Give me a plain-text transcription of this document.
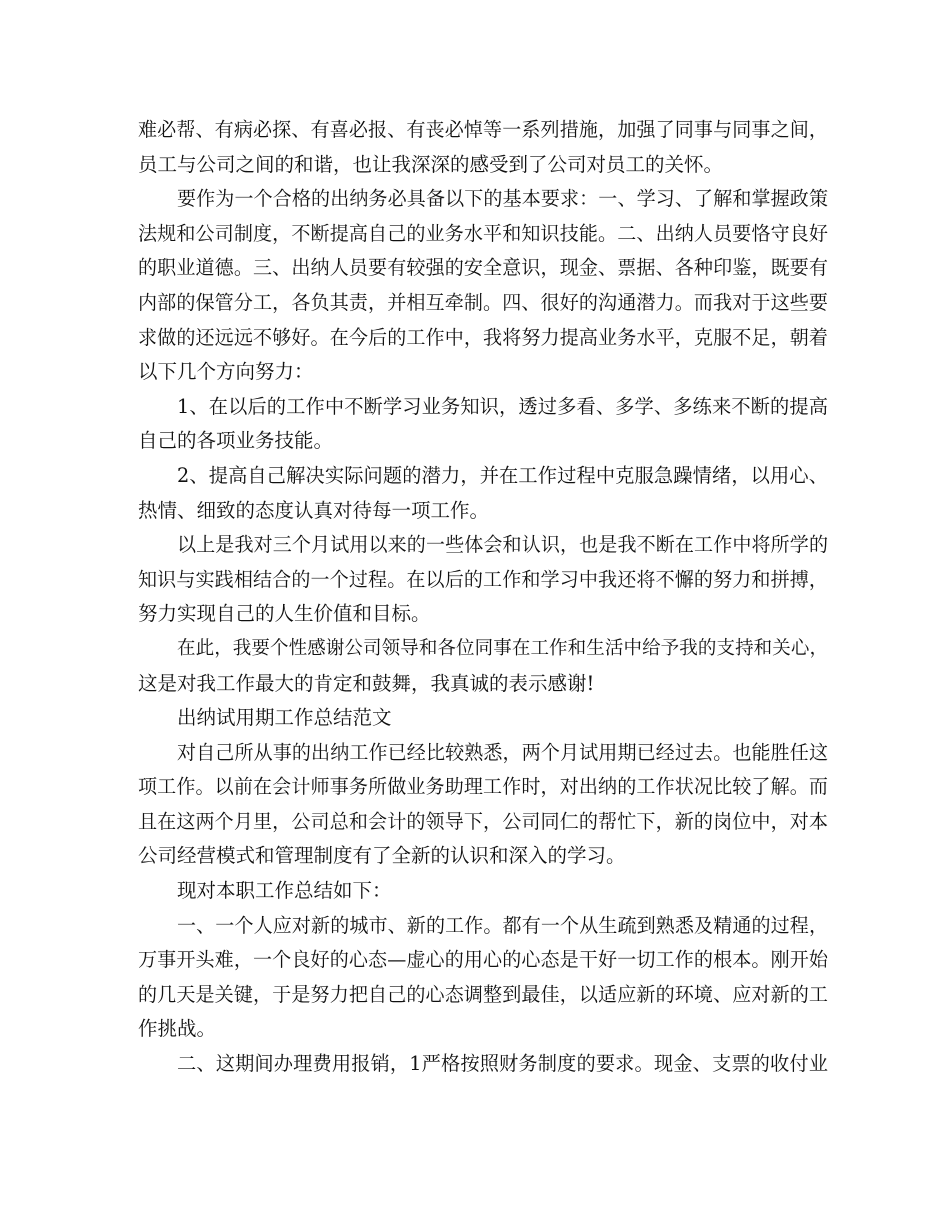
难必帮、有病必探、有喜必报、有丧必悼等一系列措施，加强了同事与同事之间，
员工与公司之间的和谐，也让我深深的感受到了公司对员工的关怀。
要作为一个合格的出纳务必具备以下的基本要求：一、学习、了解和掌握政策
法规和公司制度，不断提高自己的业务水平和知识技能。二、出纳人员要恪守良好
的职业道德。三、出纳人员要有较强的安全意识，现金、票据、各种印鉴，既要有
内部的保管分工，各负其责，并相互牵制。四、很好的沟通潜力。而我对于这些要
求做的还远远不够好。在今后的工作中，我将努力提高业务水平，克服不足，朝着
以下几个方向努力：
1、在以后的工作中不断学习业务知识，透过多看、多学、多练来不断的提高
自己的各项业务技能。
2、提高自己解决实际问题的潜力，并在工作过程中克服急躁情绪，以用心、
热情、细致的态度认真对待每一项工作。
以上是我对三个月试用以来的一些体会和认识，也是我不断在工作中将所学的
知识与实践相结合的一个过程。在以后的工作和学习中我还将不懈的努力和拼搏，
努力实现自己的人生价值和目标。
在此，我要个性感谢公司领导和各位同事在工作和生活中给予我的支持和关心，
这是对我工作最大的肯定和鼓舞，我真诚的表示感谢!
出纳试用期工作总结范文
对自己所从事的出纳工作已经比较熟悉，两个月试用期已经过去。也能胜任这
项工作。以前在会计师事务所做业务助理工作时，对出纳的工作状况比较了解。而
且在这两个月里，公司总和会计的领导下，公司同仁的帮忙下，新的岗位中，对本
公司经营模式和管理制度有了全新的认识和深入的学习。
现对本职工作总结如下：
一、一个人应对新的城市、新的工作。都有一个从生疏到熟悉及精通的过程，
万事开头难，一个良好的心态—虚心的用心的心态是干好一切工作的根本。刚开始
的几天是关键，于是努力把自己的心态调整到最佳，以适应新的环境、应对新的工
作挑战。
二、这期间办理费用报销，1严格按照财务制度的要求。现金、支票的收付业
